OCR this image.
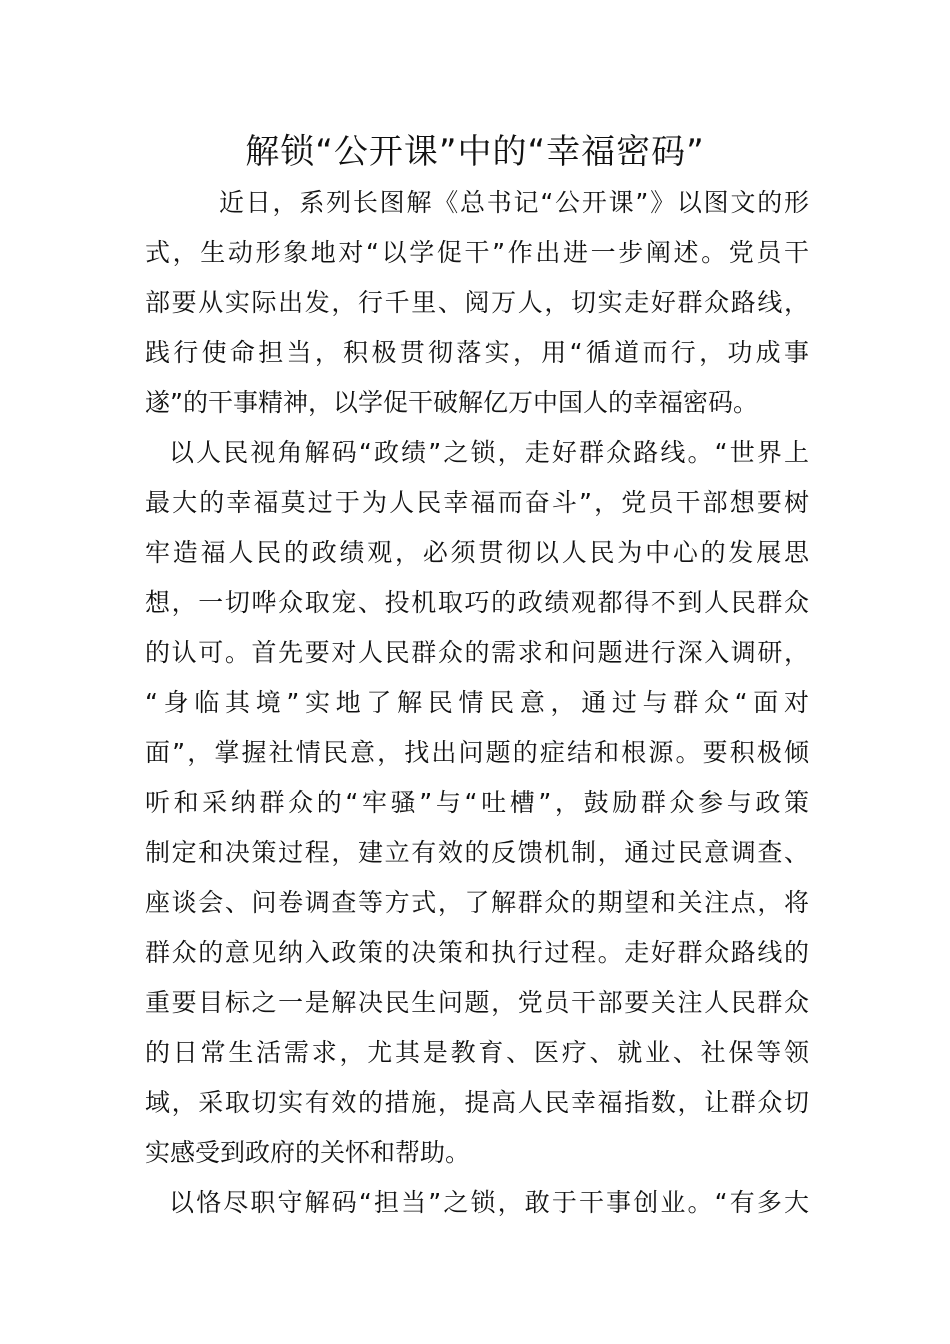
解锁“公开课”中的“幸福密码”
近日，系列长图解《总书记“公开课”》以图文的形
式，生动形象地对“以学促干”作出进一步阐述。党员干
部要从实际出发，行千里、阅万人，切实走好群众路线，
践行使命担当，积极贯彻落实，用“循道而行，功成事
遂”的干事精神，以学促干破解亿万中国人的幸福密码。
以人民视角解码“政绩”之锁，走好群众路线。“世界上
最大的幸福莫过于为人民幸福而奋斗”，党员干部想要树
牢造福人民的政绩观，必须贯彻以人民为中心的发展思
想，一切哗众取宠、投机取巧的政绩观都得不到人民群众
的认可。首先要对人民群众的需求和问题进行深入调研，
“身临其境”实地了解民情民意，通过与群众“面对
面”，掌握社情民意，找出问题的症结和根源。要积极倾
听和采纳群众的“牢骚”与“吐槽”，鼓励群众参与政策
制定和决策过程，建立有效的反馈机制，通过民意调查、
座谈会、问卷调查等方式，了解群众的期望和关注点，将
群众的意见纳入政策的决策和执行过程。走好群众路线的
重要目标之一是解决民生问题，党员干部要关注人民群众
的日常生活需求，尤其是教育、医疗、就业、社保等领
域，采取切实有效的措施，提高人民幸福指数，让群众切
实感受到政府的关怀和帮助。
以恪尽职守解码“担当”之锁，敢于干事创业。“有多大
